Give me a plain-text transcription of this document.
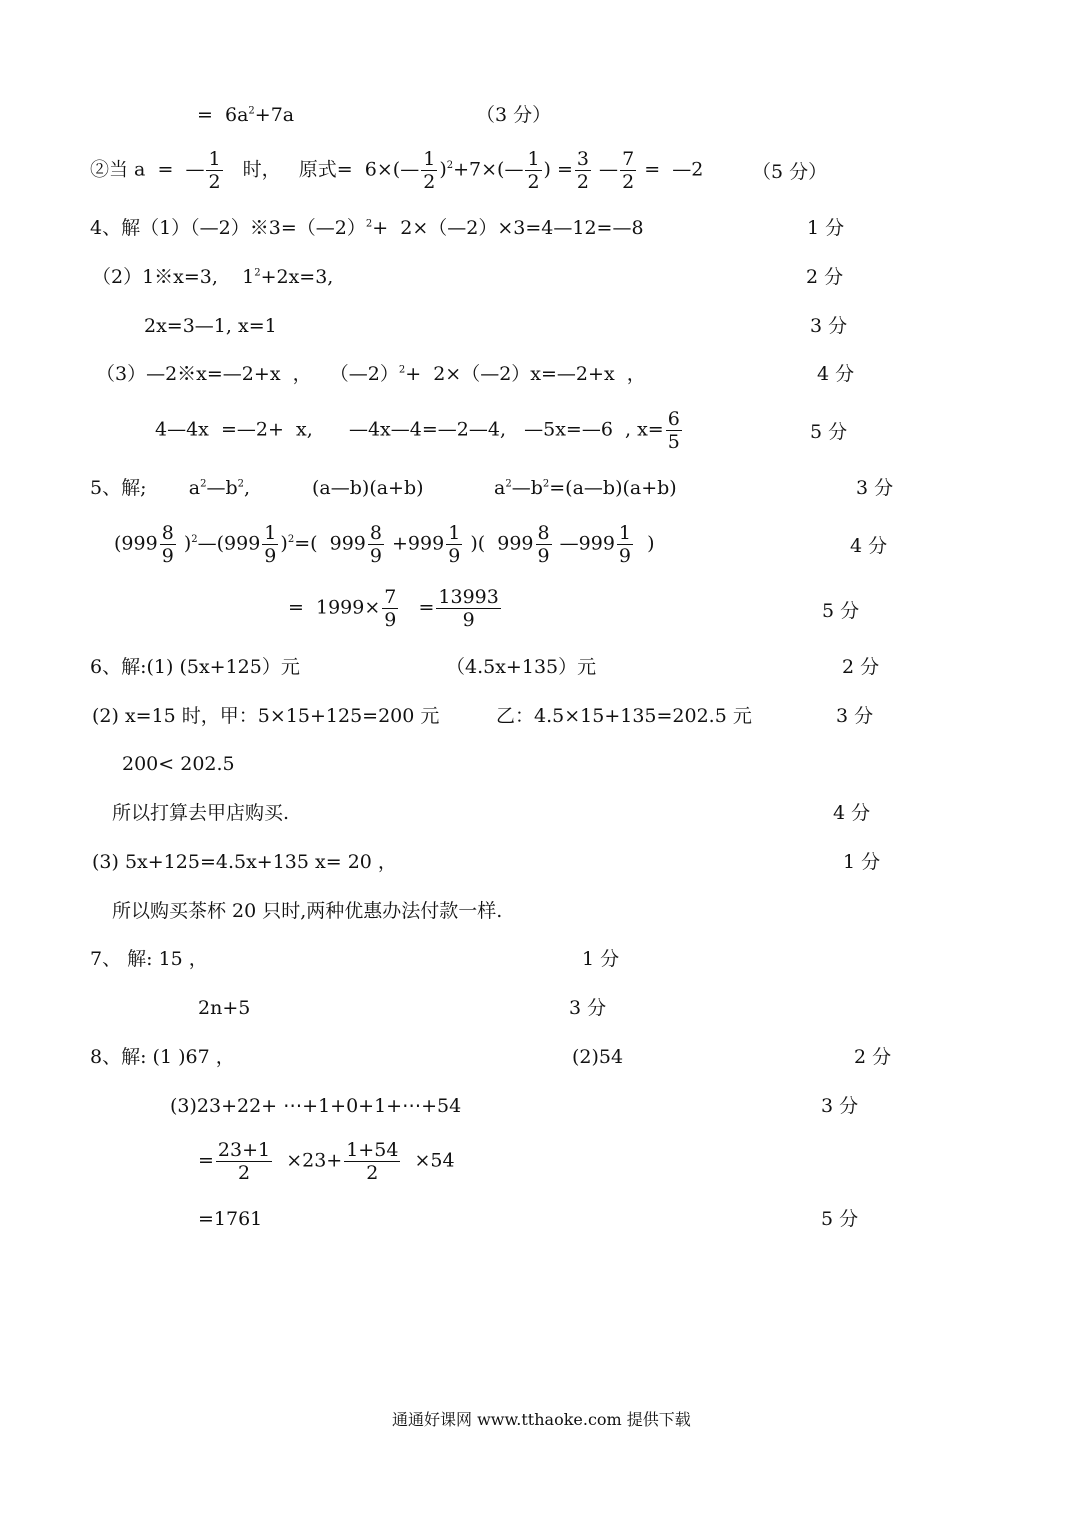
=  $6a^2+7a$	（3 分）
②当 a  =  — $\frac{1}{2}$ 时，   原式=  6×(— $\frac{1}{2}$ )$^2$+7×(— $\frac{1}{2}$ ) = $\frac{3}{2}$ — $\frac{7}{2}$ =  —2	（5 分）
4、解（1）（—2）※3=（—2）$^2$+  2×（—2）×3=4—12=—8	1 分
（2）1※x=3,    $1^2+2x=3$,	2 分
2x=3—1, x=1	3 分
（3）—2※x=—2+x  ，   （—2）$^2$+  2×（—2）x=—2+x  ，	4 分
4—4x  =—2+  x,      —4x—4=—2—4,   —5x=—6  , $x= \frac{6}{5}$	5 分
5、解;       $a^2—b^2$,	(a—b)(a+b)	$a^2—b^2=(a—b)(a+b)$	3 分
($999 \frac{8}{9}$ )$^2$—(999 $\frac{1}{9} )^2=$(  $999 \frac{8}{9} +999 \frac{1}{9}$ )(  $999 \frac{8}{9}$ —999 $\frac{1}{9}$ )	4 分
=  $1999\times \frac{7}{9} = \frac{13993}{9}$	5 分
6、解:(1) (5x+125）元	（4.5x+135）元	2 分
(2) x=15 时，甲：5×15+125=200 元	乙：4.5×15+135=202.5 元	3 分
200< 202.5
所以打算去甲店购买.	4 分
(3) 5x+125=4.5x+135 x= 20 ，	1 分
所以购买茶杯 20 只时,两种优惠办法付款一样.
7、 解: 15 ，	1 分
2n+5	3 分
8、解: (1 )67 ，	(2)54	2 分
(3)23+22+ ⋯+1+0+1+⋯+54	3 分
= $\frac{23+1}{2} \times 23+ \frac{1+54}{2} \times 54$
=1761	5 分
通通好课网 www.tthaoke.com 提供下载
